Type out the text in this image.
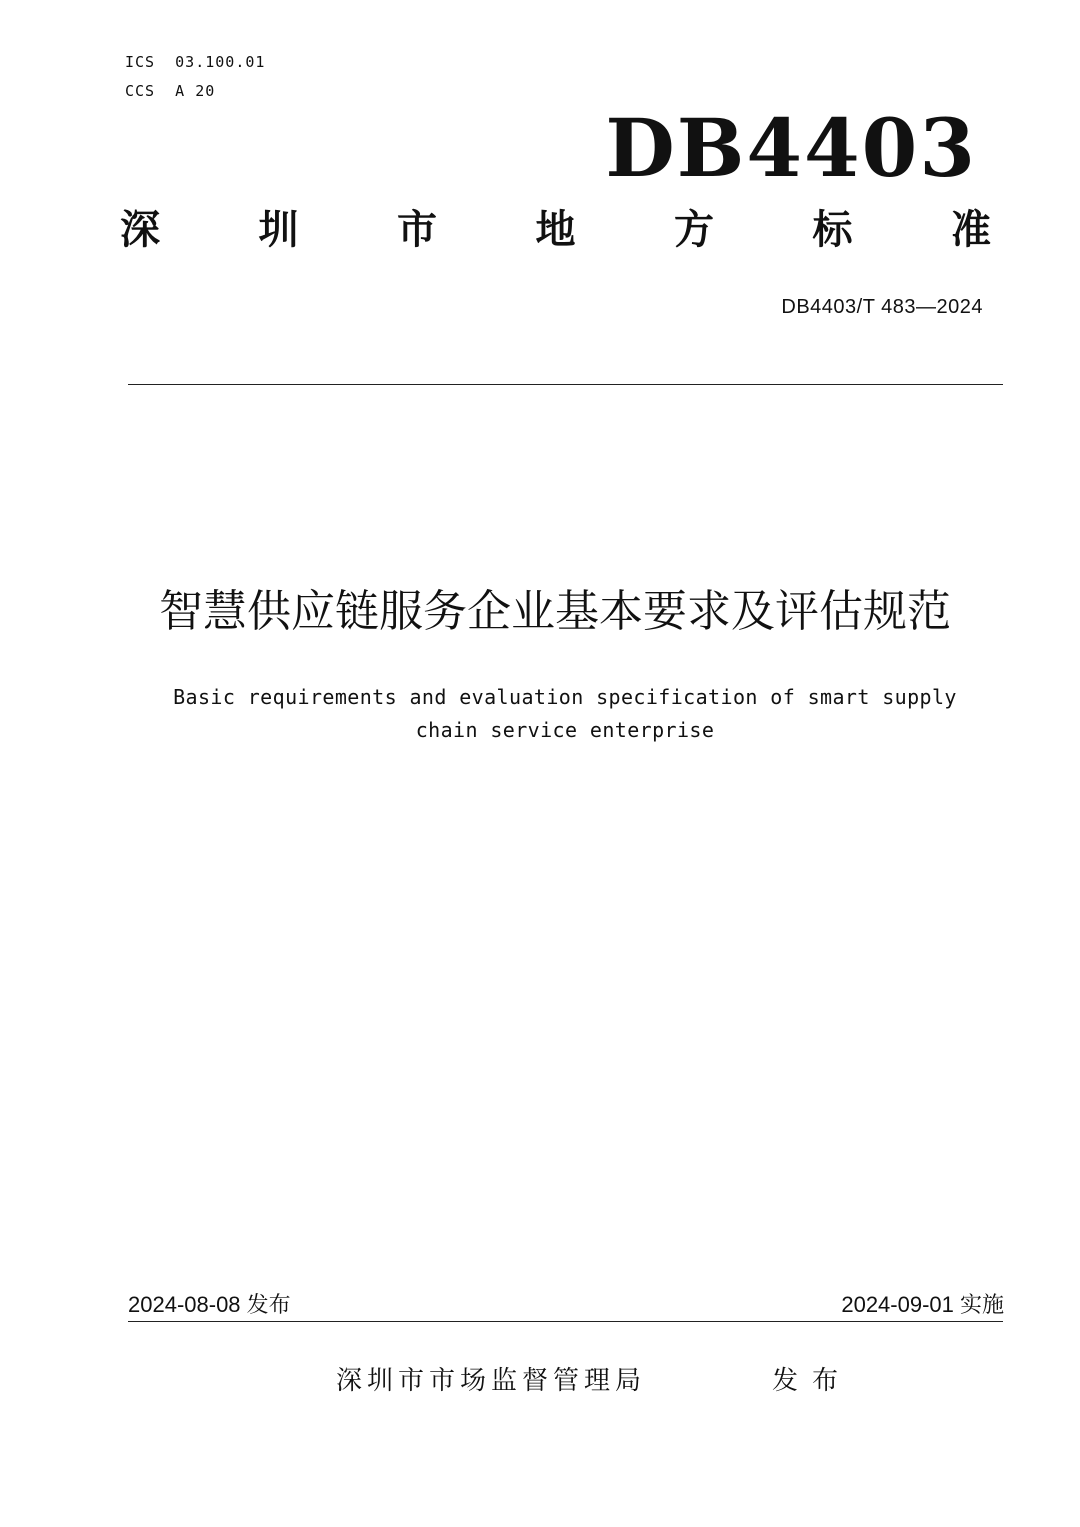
ICS  03.100.01
CCS  A 20
DB4403
深 圳 市 地 方 标 准
DB4403/T 483—2024
智慧供应链服务企业基本要求及评估规范
Basic requirements and evaluation specification of smart supply
chain service enterprise
2024-08-08 发布	2024-09-01 实施
深圳市市场监督管理局	发布
